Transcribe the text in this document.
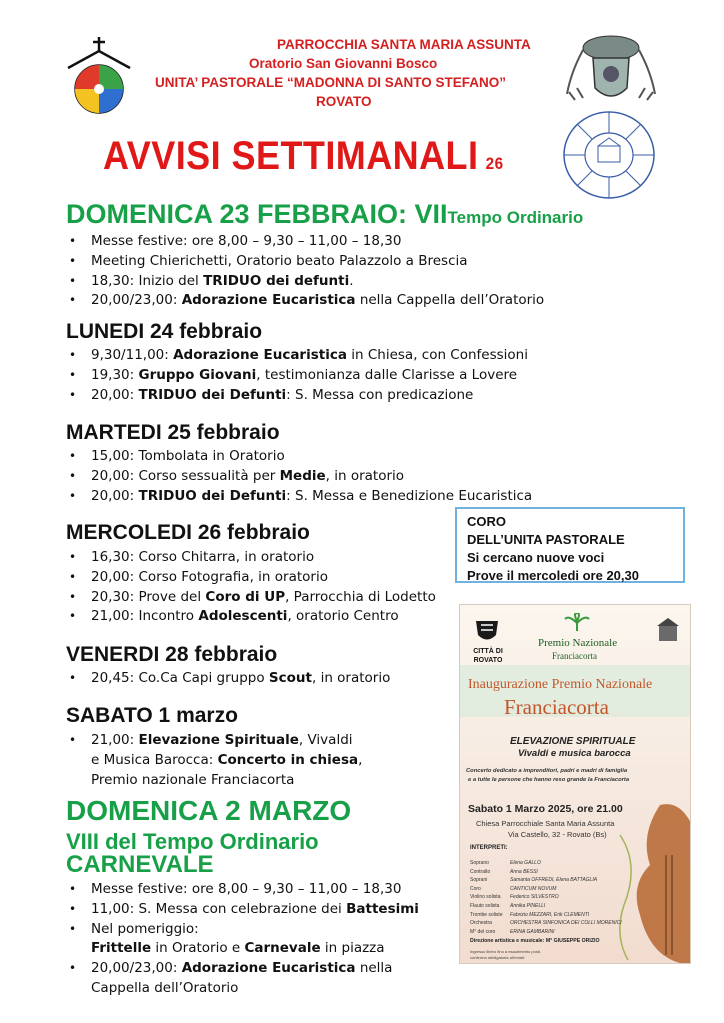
PARROCCHIA SANTA MARIA ASSUNTA
Oratorio San Giovanni Bosco
UNITA’ PASTORALE “MADONNA DI SANTO STEFANO”
ROVATO
AVVISI SETTIMANALI 26
DOMENICA 23 FEBBRAIO: VIITempo Ordinario
• Messe festive: ore 8,00 – 9,30 – 11,00 – 18,30
• Meeting Chierichetti, Oratorio beato Palazzolo a Brescia
• 18,30: Inizio del TRIDUO dei defunti.
• 20,00/23,00: Adorazione Eucaristica nella Cappella dell’Oratorio
LUNEDI 24 febbraio
• 9,30/11,00: Adorazione Eucaristica in Chiesa, con Confessioni
• 19,30: Gruppo Giovani, testimonianza dalle Clarisse a Lovere
• 20,00: TRIDUO dei Defunti: S. Messa con predicazione
MARTEDI 25 febbraio
• 15,00: Tombolata in Oratorio
• 20,00: Corso sessualità per Medie, in oratorio
• 20,00: TRIDUO dei Defunti: S. Messa e Benedizione Eucaristica
MERCOLEDI 26 febbraio
• 16,30: Corso Chitarra, in oratorio
• 20,00: Corso Fotografia, in oratorio
• 20,30: Prove del Coro di UP, Parrocchia di Lodetto
• 21,00: Incontro Adolescenti, oratorio Centro
CORO
DELL’UNITA PASTORALE
Si cercano nuove voci
Prove il mercoledi ore 20,30
VENERDI 28 febbraio
• 20,45: Co.Ca Capi gruppo Scout, in oratorio
SABATO 1 marzo
• 21,00: Elevazione Spirituale, Vivaldi
e Musica Barocca: Concerto in chiesa,
Premio nazionale Franciacorta
DOMENICA 2 MARZO
VIII del Tempo Ordinario
CARNEVALE
• Messe festive: ore 8,00 – 9,30 – 11,00 – 18,30
• 11,00: S. Messa con celebrazione dei Battesimi
• Nel pomeriggio:
Frittelle in Oratorio e Carnevale in piazza
• 20,00/23,00: Adorazione Eucaristica nella
Cappella dell’Oratorio
CITTÀ DI ROVATO
Premio Nazionale
Franciacorta
Inaugurazione Premio Nazionale
Franciacorta
ELEVAZIONE SPIRITUALE
Vivaldi e musica barocca
Concerto dedicato a imprenditori, padri e madri di famiglia
e a tutte le persone che hanno reso grande la Franciacorta
Sabato 1 Marzo 2025, ore 21.00
Chiesa Parrocchiale Santa Maria Assunta
Via Castello, 32 - Rovato (Bs)
INTERPRETI:
Soprano
Contralto
Soprani
Coro
Violino solista
Flauto solista
Trombe soliste
Orchestra
M° del coro
Elena GALLO
Anna BESSI
Samanta OFFREDI, Elena BATTAGLIA
CANTICUM NOVUM
Federico SILVESTRO
Annika PINELLI
Fabrizio MEZZARI, Erik CLEMENTI
ORCHESTRA SINFONICA DEI COLLI MORENICI
ERINA GAMBARINI
Direzione artistica e musicale: M° GIUSEPPE ORIZIO
Ingresso libero fino a esaurimento posti,
conferma obbligatoria all'email:
